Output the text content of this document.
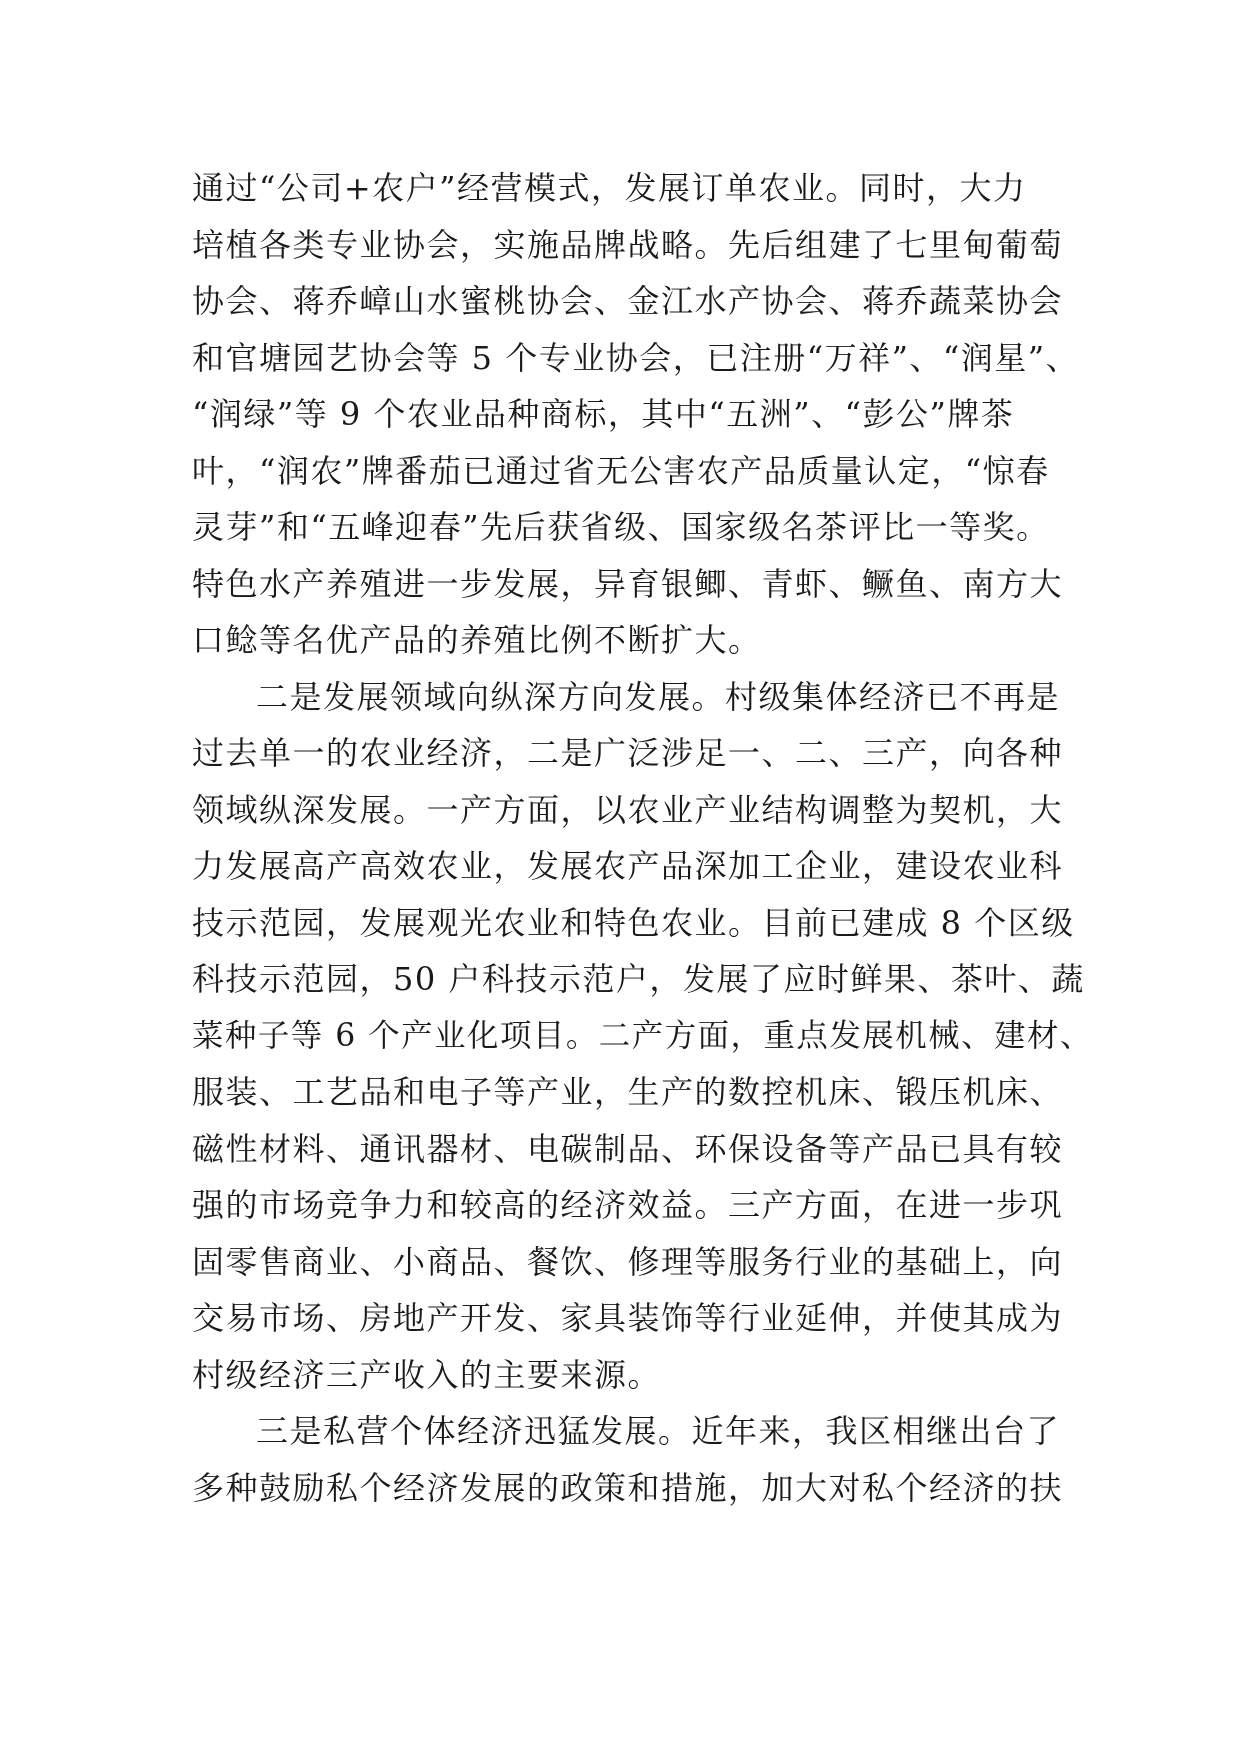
通过“公司+农户”经营模式，发展订单农业。同时，大力
培植各类专业协会，实施品牌战略。先后组建了七里甸葡萄
协会、蒋乔嶂山水蜜桃协会、金江水产协会、蒋乔蔬菜协会
和官塘园艺协会等 5 个专业协会，已注册“万祥”、“润星”、
“润绿”等 9 个农业品种商标，其中“五洲”、“彭公”牌茶
叶，“润农”牌番茄已通过省无公害农产品质量认定，“惊春
灵芽”和“五峰迎春”先后获省级、国家级名茶评比一等奖。
特色水产养殖进一步发展，异育银鲫、青虾、鳜鱼、南方大
口鲶等名优产品的养殖比例不断扩大。
二是发展领域向纵深方向发展。村级集体经济已不再是
过去单一的农业经济，二是广泛涉足一、二、三产，向各种
领域纵深发展。一产方面，以农业产业结构调整为契机，大
力发展高产高效农业，发展农产品深加工企业，建设农业科
技示范园，发展观光农业和特色农业。目前已建成 8 个区级
科技示范园，50 户科技示范户，发展了应时鲜果、茶叶、蔬
菜种子等 6 个产业化项目。二产方面，重点发展机械、建材、
服装、工艺品和电子等产业，生产的数控机床、锻压机床、
磁性材料、通讯器材、电碳制品、环保设备等产品已具有较
强的市场竞争力和较高的经济效益。三产方面，在进一步巩
固零售商业、小商品、餐饮、修理等服务行业的基础上，向
交易市场、房地产开发、家具装饰等行业延伸，并使其成为
村级经济三产收入的主要来源。
三是私营个体经济迅猛发展。近年来，我区相继出台了
多种鼓励私个经济发展的政策和措施，加大对私个经济的扶
